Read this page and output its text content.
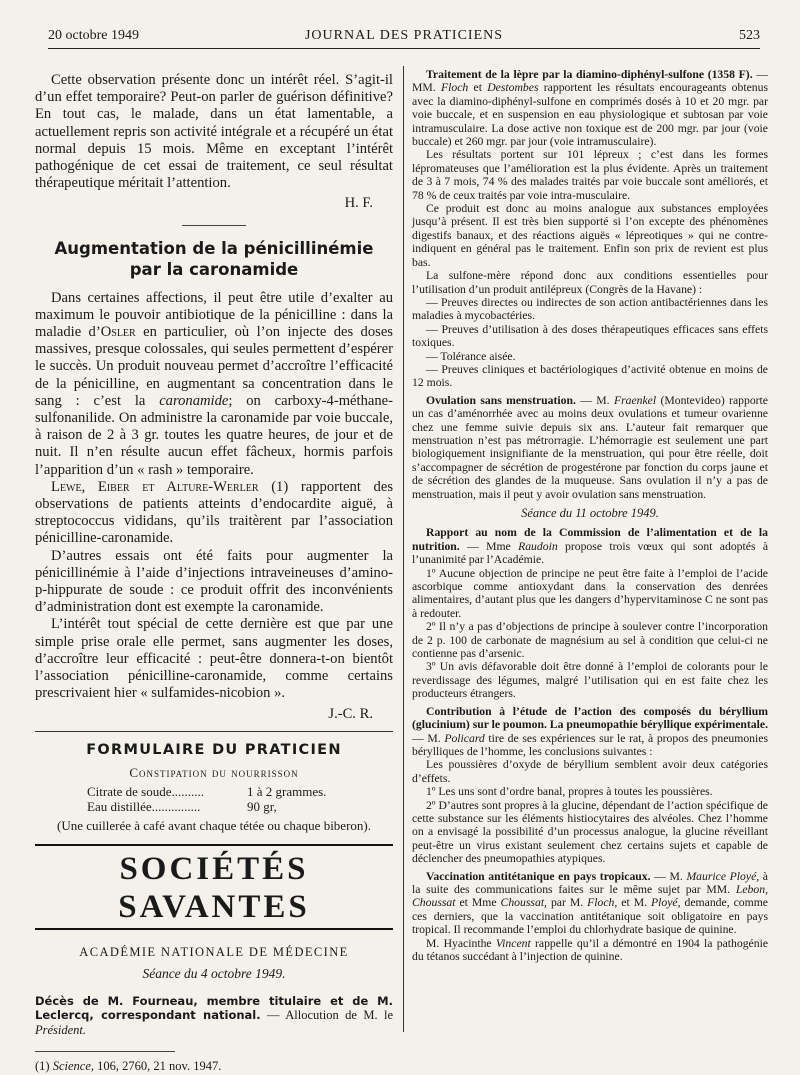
20 octobre 1949	JOURNAL DES PRATICIENS	523

Cette observation présente donc un intérêt réel. S’agit-il d’un effet temporaire? Peut-on parler de guérison définitive? En tout cas, le malade, dans un état lamentable, a actuellement repris son activité intégrale et a récupéré un état normal depuis 15 mois. Même en exceptant l’intérêt pathogénique de cet essai de traitement, ce seul résultat thérapeutique méritait l’attention.

H. F.

Augmentation de la pénicillinémie
par la caronamide

Dans certaines affections, il peut être utile d’exalter au maximum le pouvoir antibiotique de la pénicilline : dans la maladie d’Osler en particulier, où l’on injecte des doses massives, presque colossales, qui seules permettent d’espérer le succès. Un produit nouveau permet d’accroître l’efficacité de la pénicilline, en augmentant sa concentration dans le sang : c’est la caronamide; on carboxy-4-méthane-sulfonanilide. On administre la caronamide par voie buccale, à raison de 2 à 3 gr. toutes les quatre heures, de jour et de nuit. Il n’en résulte aucun effet fâcheux, hormis parfois l’apparition d’un « rash » temporaire.

Lewe, Eiber et Alture-Werler (1) rapportent des observations de patients atteints d’endocardite aiguë, à streptococcus vididans, qu’ils traitèrent par l’association pénicilline-caronamide.

D’autres essais ont été faits pour augmenter la pénicillinémie à l’aide d’injections intraveineuses d’amino-p-hippurate de soude : ce produit offrit des inconvénients d’administration dont est exempte la caronamide.

L’intérêt tout spécial de cette dernière est que par une simple prise orale elle permet, sans augmenter les doses, d’accroître leur efficacité : peut-être donnera-t-on bientôt l’association pénicilline-caronamide, comme certains prescrivaient hier « sulfamides-nicobion ».

J.-C. R.

FORMULAIRE DU PRATICIEN
Constipation du nourrisson
Citrate de soude..........	1 à 2 grammes.
Eau distillée...............	90 gr,
(Une cuillerée à café avant chaque tétée ou chaque biberon).
SOCIÉTÉS SAVANTES
ACADÉMIE NATIONALE DE MÉDECINE
Séance du 4 octobre 1949.

Décès de M. Fourneau, membre titulaire et de M. Leclercq, correspondant national. — Allocution de M. le Président.

(1) Science, 106, 2760, 21 nov. 1947.

Traitement de la lèpre par la diamino-diphényl-sulfone (1358 F). — MM. Floch et Destombes rapportent les résultats encourageants obtenus avec la diamino-diphényl-sulfone en comprimés dosés à 10 et 20 mgr. par voie buccale, et en suspension en eau physiologique et subtosan par voie intramusculaire. La dose active non toxique est de 200 mgr. par jour (voie buccale) et 260 mgr. par jour (voie intramusculaire).

Les résultats portent sur 101 lépreux ; c’est dans les formes lépromateuses que l’amélioration est la plus évidente. Après un traitement de 3 à 7 mois, 74 % des malades traités par voie buccale sont améliorés, et 78 % de ceux traités par voie intra-musculaire.

Ce produit est donc au moins analogue aux substances employées jusqu’à présent. Il est très bien supporté si l’on excepte des phénomènes digestifs banaux, et des réactions aiguës « lépreotiques » qui ne contre-indiquent en général pas le traitement. Enfin son prix de revient est plus bas.

La sulfone-mère répond donc aux conditions essentielles pour l’utilisation d’un produit antilépreux (Congrès de la Havane) :

— Preuves directes ou indirectes de son action antibactériennes dans les maladies à mycobactéries.

— Preuves d’utilisation à des doses thérapeutiques efficaces sans effets toxiques.

— Tolérance aisée.

— Preuves cliniques et bactériologiques d’activité obtenue en moins de 12 mois.

Ovulation sans menstruation. — M. Fraenkel (Montevideo) rapporte un cas d’aménorrhée avec au moins deux ovulations et tumeur ovarienne chez une femme suivie depuis six ans. L’auteur fait remarquer que menstruation n’est pas métrorragie. L’hémorragie est seulement une part biologiquement insignifiante de la menstruation, qui pour être réelle, doit s’accompagner de sécrétion de progestérone par fonction du corps jaune et de sécrétion des glandes de la muqueuse. Sans ovulation il n’y a pas de menstruation, mais il peut y avoir ovulation sans menstruation.

Séance du 11 octobre 1949.

Rapport au nom de la Commission de l’alimentation et de la nutrition. — Mme Raudoin propose trois vœux qui sont adoptés à l’unanimité par l’Académie.

1º Aucune objection de principe ne peut être faite à l’emploi de l’acide ascorbique comme antioxydant dans la conservation des denrées alimentaires, d’autant plus que les dangers d’hypervitaminose C ne sont pas à redouter.

2º Il n’y a pas d’objections de principe à soulever contre l’incorporation de 2 p. 100 de carbonate de magnésium au sel à condition que celui-ci ne contienne pas d’arsenic.

3º Un avis défavorable doit être donné à l’emploi de colorants pour le reverdissage des légumes, malgré l’utilisation qui en est faite chez les producteurs étrangers.

Contribution à l’étude de l’action des composés du béryllium (glucinium) sur le poumon. La pneumopathie béryllique expérimentale. — M. Policard tire de ses expériences sur le rat, à propos des pneumonies bérylliques de l’homme, les conclusions suivantes :

Les poussières d’oxyde de béryllium semblent avoir deux catégories d’effets.

1º Les uns sont d’ordre banal, propres à toutes les poussières.

2º D’autres sont propres à la glucine, dépendant de l’action spécifique de cette substance sur les éléments histiocytaires des alvéoles. Chez l’homme on a envisagé la possibilité d’un processus analogue, la glucine réveillant peut-être un virus existant seulement chez certains sujets et capable de déclencher des pneumopathies atypiques.

Vaccination antitétanique en pays tropicaux. — M. Maurice Ployé, à la suite des communications faites sur le même sujet par MM. Lebon, Choussat et Mme Choussat, par M. Floch, et M. Ployé, demande, comme ces derniers, que la vaccination antitétanique soit obligatoire en pays tropical. Il recommande l’emploi du chlorhydrate basique de quinine.

M. Hyacinthe Vincent rappelle qu’il a démontré en 1904 la pathogénie du tétanos succédant à l’injection de quinine.
